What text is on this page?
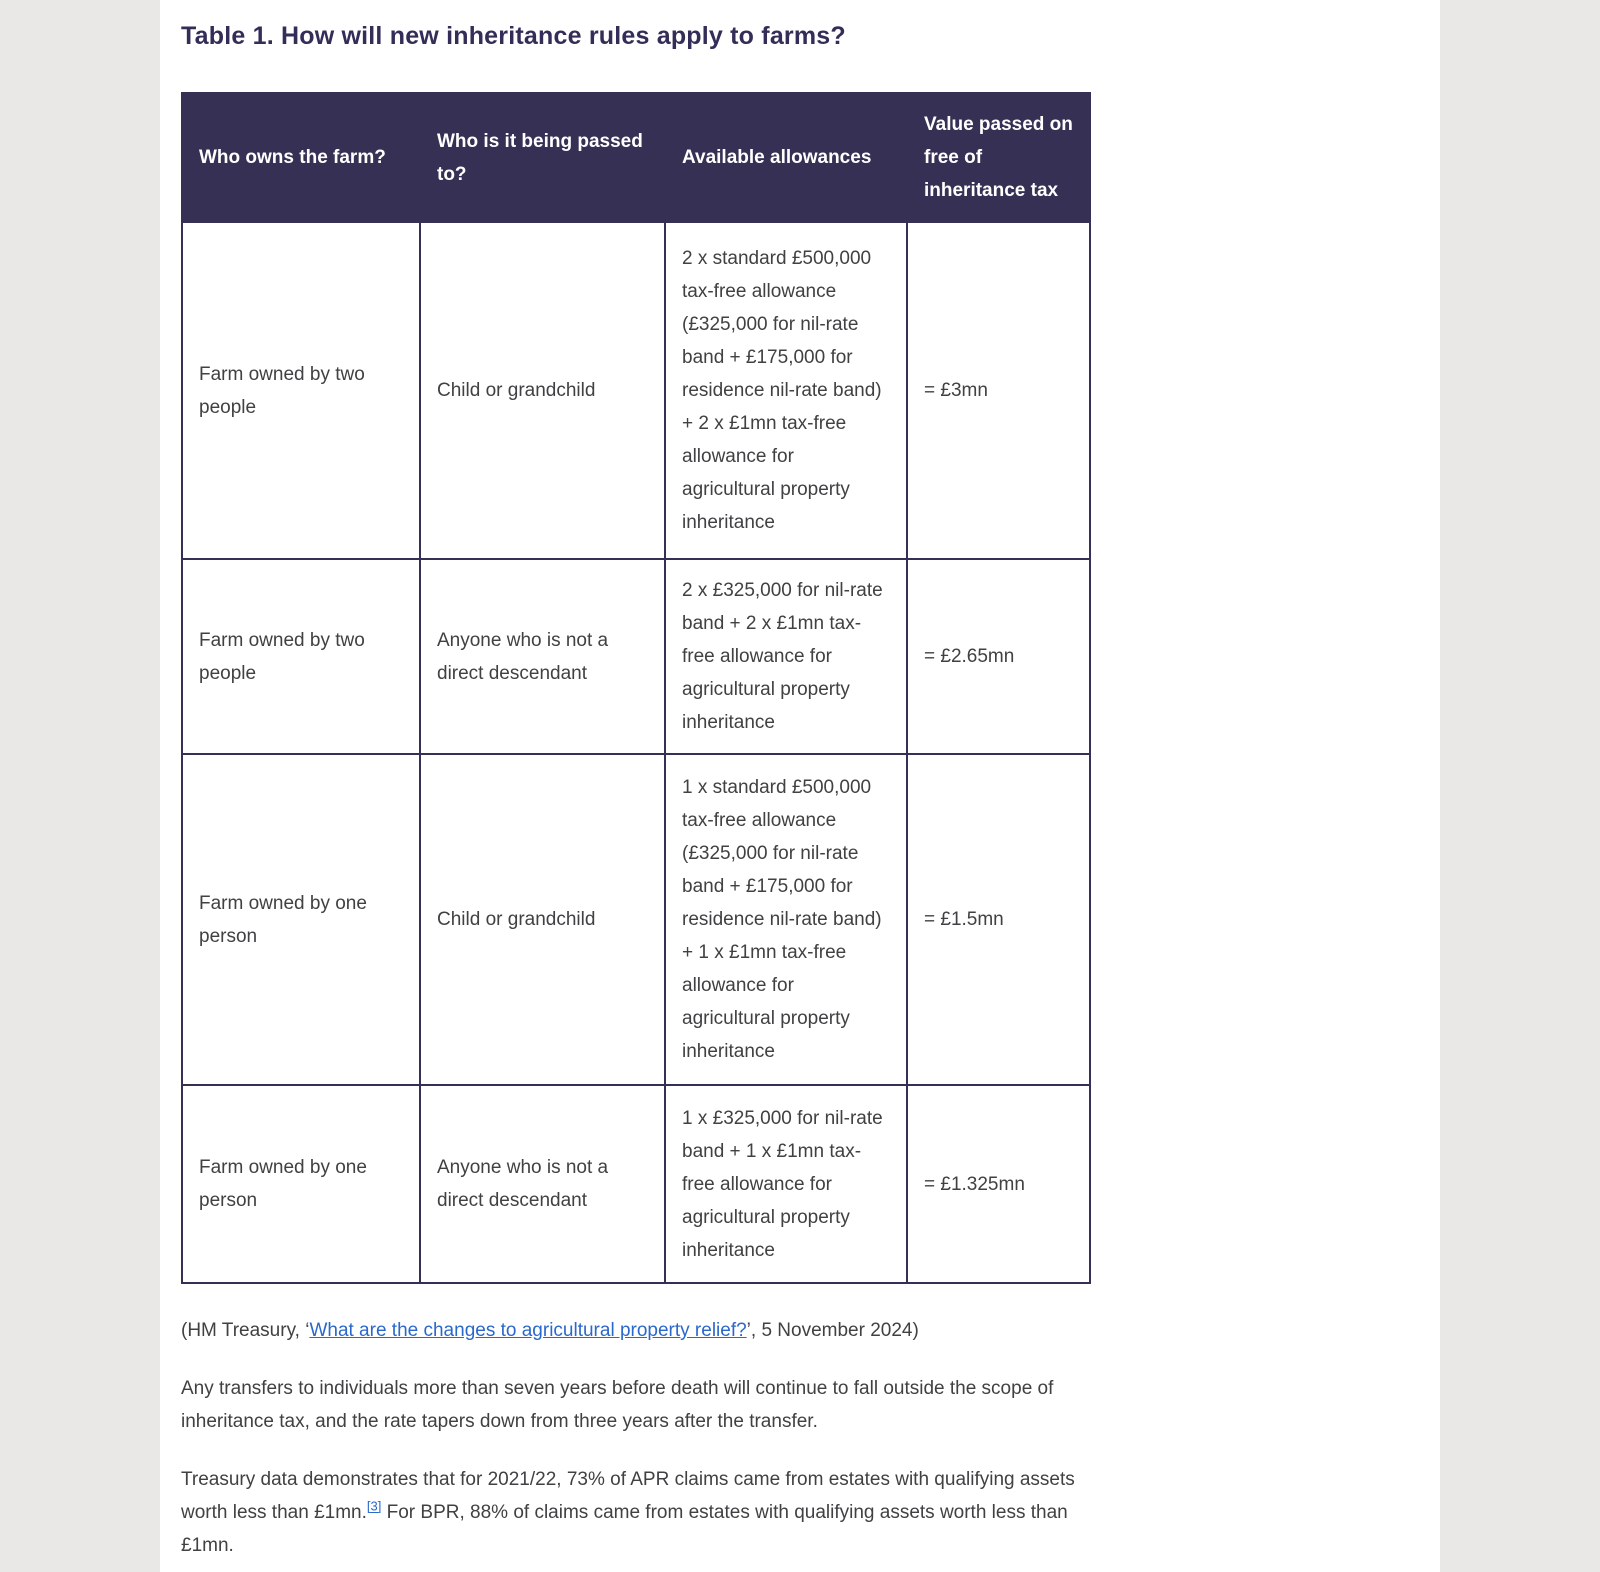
Table 1. How will new inheritance rules apply to farms?
Who owns the farm?	Who is it being passed to?	Available allowances	Value passed on free of inheritance tax
Farm owned by two people	Child or grandchild	2 x standard £500,000 tax-free allowance (£325,000 for nil-rate band + £175,000 for residence nil-rate band) + 2 x £1mn tax-free allowance for agricultural property inheritance	= £3mn
Farm owned by two people	Anyone who is not a direct descendant	2 x £325,000 for nil-rate band + 2 x £1mn tax-free allowance for agricultural property inheritance	= £2.65mn
Farm owned by one person	Child or grandchild	1 x standard £500,000 tax-free allowance (£325,000 for nil-rate band + £175,000 for residence nil-rate band) + 1 x £1mn tax-free allowance for agricultural property inheritance	= £1.5mn
Farm owned by one person	Anyone who is not a direct descendant	1 x £325,000 for nil-rate band + 1 x £1mn tax-free allowance for agricultural property inheritance	= £1.325mn

(HM Treasury, ‘What are the changes to agricultural property relief?’, 5 November 2024)

Any transfers to individuals more than seven years before death will continue to fall outside the scope of inheritance tax, and the rate tapers down from three years after the transfer.

Treasury data demonstrates that for 2021/22, 73% of APR claims came from estates with qualifying assets worth less than £1mn.[3] For BPR, 88% of claims came from estates with qualifying assets worth less than £1mn.
